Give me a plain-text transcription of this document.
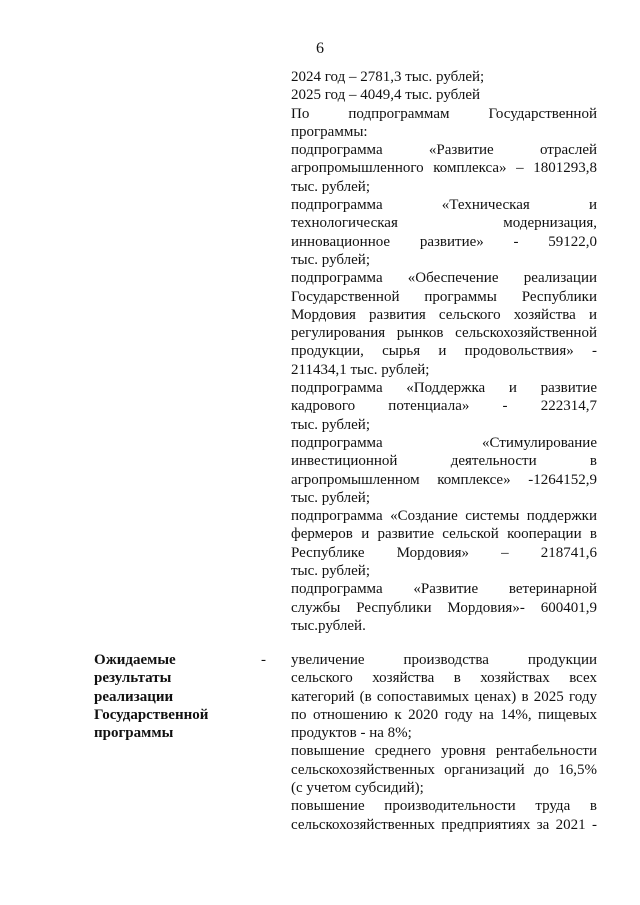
6
2024 год – 2781,3 тыс. рублей;
2025 год – 4049,4 тыс. рублей
По подпрограммам Государственной
программы:
подпрограмма «Развитие отраслей
агропромышленного комплекса» – 1801293,8
тыс. рублей;
подпрограмма «Техническая и
технологическая модернизация,
инновационное развитие» - 59122,0
тыс. рублей;
подпрограмма «Обеспечение реализации
Государственной программы Республики
Мордовия развития сельского хозяйства и
регулирования рынков сельскохозяйственной
продукции, сырья и продовольствия» -
211434,1 тыс. рублей;
подпрограмма «Поддержка и развитие
кадрового потенциала» - 222314,7
тыс. рублей;
подпрограмма «Стимулирование
инвестиционной деятельности в
агропромышленном комплексе» -1264152,9
тыс. рублей;
подпрограмма «Создание системы поддержки
фермеров и развитие сельской кооперации в
Республике Мордовия» – 218741,6
тыс. рублей;
подпрограмма «Развитие ветеринарной
службы Республики Мордовия»- 600401,9
тыс.рублей.
Ожидаемые
результаты
реализации
Государственной
программы
- увеличение производства продукции
сельского хозяйства в хозяйствах всех
категорий (в сопоставимых ценах) в 2025 году
по отношению к 2020 году на 14%, пищевых
продуктов - на 8%;
повышение среднего уровня рентабельности
сельскохозяйственных организаций до 16,5%
(с учетом субсидий);
повышение производительности труда в
сельскохозяйственных предприятиях за 2021 -
